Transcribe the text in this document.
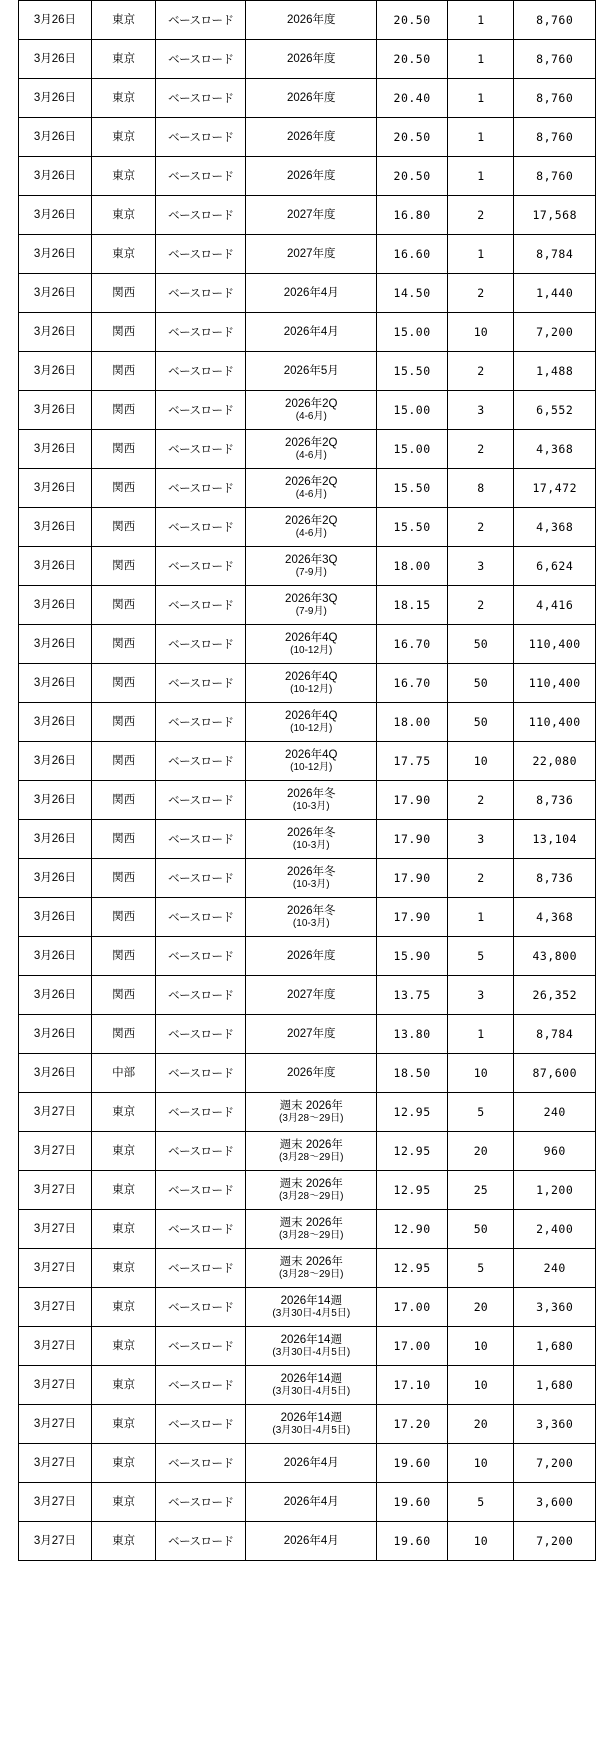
3月26日	東京	ベースロード	2026年度	20.50	1	8,760
3月26日	東京	ベースロード	2026年度	20.50	1	8,760
3月26日	東京	ベースロード	2026年度	20.40	1	8,760
3月26日	東京	ベースロード	2026年度	20.50	1	8,760
3月26日	東京	ベースロード	2026年度	20.50	1	8,760
3月26日	東京	ベースロード	2027年度	16.80	2	17,568
3月26日	東京	ベースロード	2027年度	16.60	1	8,784
3月26日	関西	ベースロード	2026年4月	14.50	2	1,440
3月26日	関西	ベースロード	2026年4月	15.00	10	7,200
3月26日	関西	ベースロード	2026年5月	15.50	2	1,488
3月26日	関西	ベースロード	2026年2Q
(4-6月)	15.00	3	6,552
3月26日	関西	ベースロード	2026年2Q
(4-6月)	15.00	2	4,368
3月26日	関西	ベースロード	2026年2Q
(4-6月)	15.50	8	17,472
3月26日	関西	ベースロード	2026年2Q
(4-6月)	15.50	2	4,368
3月26日	関西	ベースロード	2026年3Q
(7-9月)	18.00	3	6,624
3月26日	関西	ベースロード	2026年3Q
(7-9月)	18.15	2	4,416
3月26日	関西	ベースロード	2026年4Q
(10-12月)	16.70	50	110,400
3月26日	関西	ベースロード	2026年4Q
(10-12月)	16.70	50	110,400
3月26日	関西	ベースロード	2026年4Q
(10-12月)	18.00	50	110,400
3月26日	関西	ベースロード	2026年4Q
(10-12月)	17.75	10	22,080
3月26日	関西	ベースロード	2026年冬
(10-3月)	17.90	2	8,736
3月26日	関西	ベースロード	2026年冬
(10-3月)	17.90	3	13,104
3月26日	関西	ベースロード	2026年冬
(10-3月)	17.90	2	8,736
3月26日	関西	ベースロード	2026年冬
(10-3月)	17.90	1	4,368
3月26日	関西	ベースロード	2026年度	15.90	5	43,800
3月26日	関西	ベースロード	2027年度	13.75	3	26,352
3月26日	関西	ベースロード	2027年度	13.80	1	8,784
3月26日	中部	ベースロード	2026年度	18.50	10	87,600
3月27日	東京	ベースロード	週末 2026年
(3月28〜29日)	12.95	5	240
3月27日	東京	ベースロード	週末 2026年
(3月28〜29日)	12.95	20	960
3月27日	東京	ベースロード	週末 2026年
(3月28〜29日)	12.95	25	1,200
3月27日	東京	ベースロード	週末 2026年
(3月28〜29日)	12.90	50	2,400
3月27日	東京	ベースロード	週末 2026年
(3月28〜29日)	12.95	5	240
3月27日	東京	ベースロード	2026年14週
(3月30日-4月5日)	17.00	20	3,360
3月27日	東京	ベースロード	2026年14週
(3月30日-4月5日)	17.00	10	1,680
3月27日	東京	ベースロード	2026年14週
(3月30日-4月5日)	17.10	10	1,680
3月27日	東京	ベースロード	2026年14週
(3月30日-4月5日)	17.20	20	3,360
3月27日	東京	ベースロード	2026年4月	19.60	10	7,200
3月27日	東京	ベースロード	2026年4月	19.60	5	3,600
3月27日	東京	ベースロード	2026年4月	19.60	10	7,200
